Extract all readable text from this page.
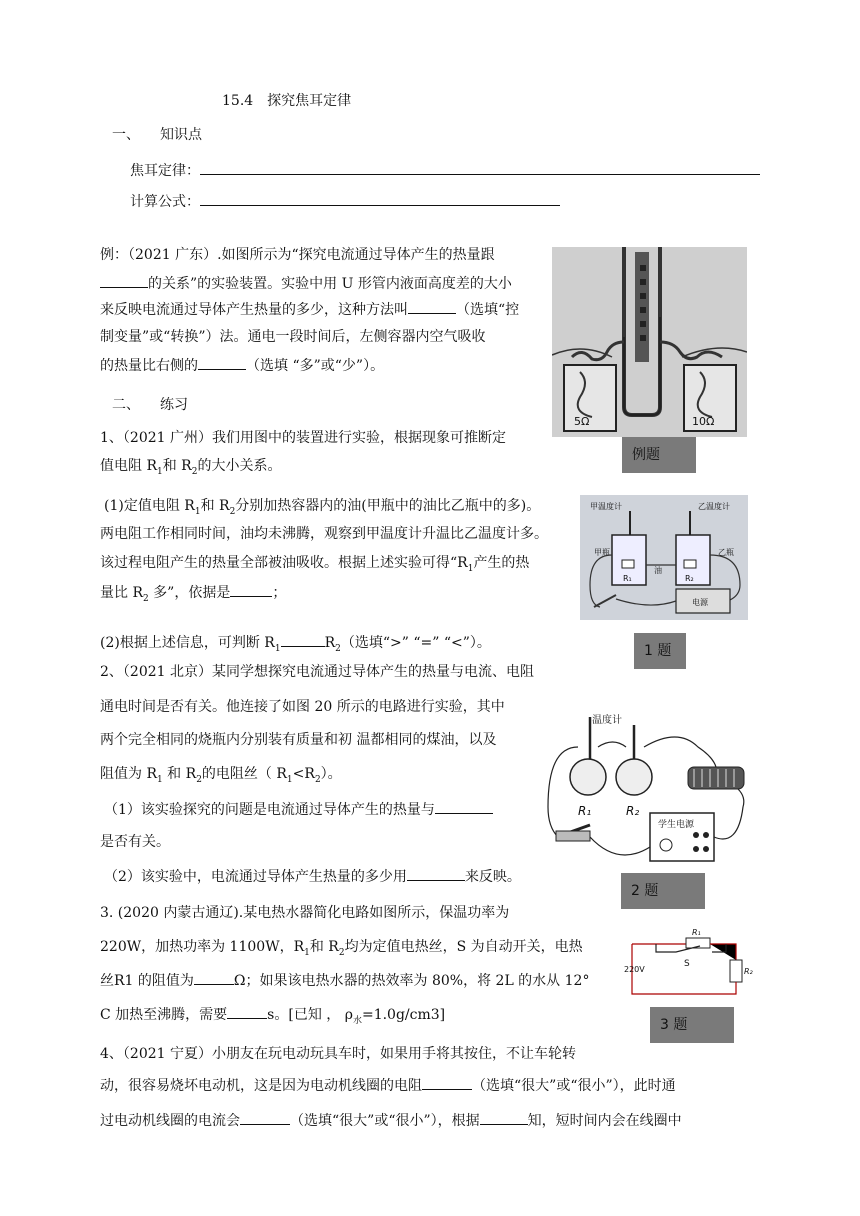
15.4　探究焦耳定律
一、 知识点
焦耳定律：
计算公式：
例：（2021 广东）.如图所示为“探究电流通过导体产生的热量跟
的关系”的实验装置。实验中用 U 形管内液面高度差的大小
来反映电流通过导体产生热量的多少，这种方法叫	（选填“控
制变量”或“转换”）法。通电一段时间后，左侧容器内空气吸收
的热量比右侧的	（选填 “多”或“少”）。
二、 练习
1、（2021 广州）我们用图中的装置进行实验，根据现象可推断定
值电阻 $R_1$和 $R_2$的大小关系。
(1)定值电阻 $R_1$和 $R_2$分别加热容器内的油(甲瓶中的油比乙瓶中的多)。
两电阻工作相同时间，油均未沸腾，观察到甲温度计升温比乙温度计多。
该过程电阻产生的热量全部被油吸收。根据上述实验可得“$R_1$产生的热
量比 $R_2$ 多”，依据是	；
(2)根据上述信息，可判断 $R_1$	$R_2$（选填“>” “=” “<”）。
2、（2021 北京）某同学想探究电流通过导体产生的热量与电流、电阻
通电时间是否有关。他连接了如图 20 所示的电路进行实验，其中
两个完全相同的烧瓶内分别装有质量和初 温都相同的煤油，以及
阻值为 $R_1$ 和 $R_2$的电阻丝（ $R_1<R_2$）。
（1）该实验探究的问题是电流通过导体产生的热量与
是否有关。
（2）该实验中，电流通过导体产生热量的多少用	来反映。
3. (2020 内蒙古通辽).某电热水器简化电路如图所示，保温功率为
220W，加热功率为 1100W，$R_1$和 $R_2$均为定值电热丝，S 为自动开关，电热
丝R1 的阻值为	Ω；如果该电热水器的热效率为 80%，将 2L 的水从 12°
C 加热至沸腾，需要	s。[已知 ， $\rho_水=1.0g/cm3$]
4、（2021 宁夏）小朋友在玩电动玩具车时，如果用手将其按住，不让车轮转
动，很容易烧坏电动机，这是因为电动机线圈的电阻	（选填“很大”或“很小”），此时通
过电动机线圈的电流会	（选填“很大”或“很小”），根据	知，短时间内会在线圈中
5Ω	10Ω
例题
甲温度计	乙温度计
R₁	R₂
甲瓶	乙瓶
油
电源
1 题
温度计
R₁	R₂
学生电源
2 题
R₁
S
R₂
220V
3 题
